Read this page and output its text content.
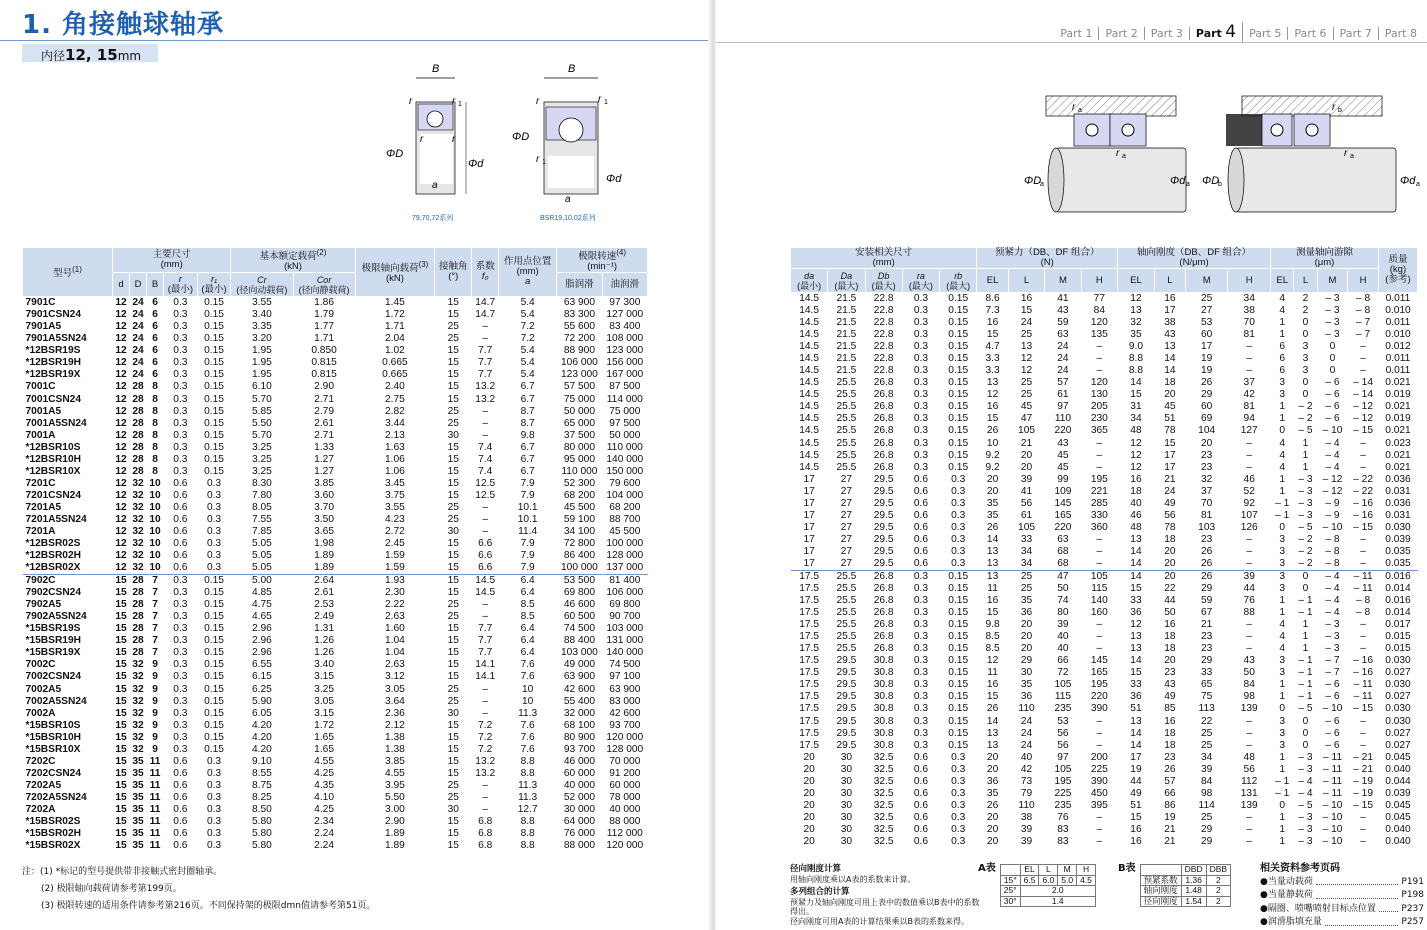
1. 角接触球轴承
内径12, 15mm
B
r	r 1
r	r
ΦD
Φd
a
79,70,72系列
B
r	r 1
r 1
ΦD
Φd
a
BSR19,10,02系列
型号$^{(1)}$	主要尺寸
(mm)					基本额定载荷$^{(2)}$
(kN)		极限轴向载荷$^{(3)}$
(kN)	接触角
(°)	系数
f₀	作用点位置
(mm)
a	极限转速$^{(4)}$
(min⁻¹)	
	d	D	B	r
(最小)	r₁
(最小)	Cr
(径向动载荷)	Cor
(径向静载荷)					脂润滑	油润滑
7901C	12	24	6	0.3	0.15	3.55	1.86	1.45	15	14.7	5.4	63 900	97 300
7901CSN24	12	24	6	0.3	0.15	3.40	1.79	1.72	15	14.7	5.4	83 300	127 000
7901A5	12	24	6	0.3	0.15	3.35	1.77	1.71	25	–	7.2	55 600	83 400
7901A5SN24	12	24	6	0.3	0.15	3.20	1.71	2.04	25	–	7.2	72 200	108 000
*12BSR19S	12	24	6	0.3	0.15	1.95	0.850	1.02	15	7.7	5.4	88 900	123 000
*12BSR19H	12	24	6	0.3	0.15	1.95	0.815	0.665	15	7.7	5.4	106 000	156 000
*12BSR19X	12	24	6	0.3	0.15	1.95	0.815	0.665	15	7.7	5.4	123 000	167 000
7001C	12	28	8	0.3	0.15	6.10	2.90	2.40	15	13.2	6.7	57 500	87 500
7001CSN24	12	28	8	0.3	0.15	5.70	2.71	2.75	15	13.2	6.7	75 000	114 000
7001A5	12	28	8	0.3	0.15	5.85	2.79	2.82	25	–	8.7	50 000	75 000
7001A5SN24	12	28	8	0.3	0.15	5.50	2.61	3.44	25	–	8.7	65 000	97 500
7001A	12	28	8	0.3	0.15	5.70	2.71	2.13	30	–	9.8	37 500	50 000
*12BSR10S	12	28	8	0.3	0.15	3.25	1.33	1.63	15	7.4	6.7	80 000	110 000
*12BSR10H	12	28	8	0.3	0.15	3.25	1.27	1.06	15	7.4	6.7	95 000	140 000
*12BSR10X	12	28	8	0.3	0.15	3.25	1.27	1.06	15	7.4	6.7	110 000	150 000
7201C	12	32	10	0.6	0.3	8.30	3.85	3.45	15	12.5	7.9	52 300	79 600
7201CSN24	12	32	10	0.6	0.3	7.80	3.60	3.75	15	12.5	7.9	68 200	104 000
7201A5	12	32	10	0.6	0.3	8.05	3.70	3.55	25	–	10.1	45 500	68 200
7201A5SN24	12	32	10	0.6	0.3	7.55	3.50	4.23	25	–	10.1	59 100	88 700
7201A	12	32	10	0.6	0.3	7.85	3.65	2.72	30	–	11.4	34 100	45 500
*12BSR02S	12	32	10	0.6	0.3	5.05	1.98	2.45	15	6.6	7.9	72 800	100 000
*12BSR02H	12	32	10	0.6	0.3	5.05	1.89	1.59	15	6.6	7.9	86 400	128 000
*12BSR02X	12	32	10	0.6	0.3	5.05	1.89	1.59	15	6.6	7.9	100 000	137 000
7902C	15	28	7	0.3	0.15	5.00	2.64	1.93	15	14.5	6.4	53 500	81 400
7902CSN24	15	28	7	0.3	0.15	4.85	2.61	2.30	15	14.5	6.4	69 800	106 000
7902A5	15	28	7	0.3	0.15	4.75	2.53	2.22	25	–	8.5	46 600	69 800
7902A5SN24	15	28	7	0.3	0.15	4.65	2.49	2.63	25	–	8.5	60 500	90 700
*15BSR19S	15	28	7	0.3	0.15	2.96	1.31	1.60	15	7.7	6.4	74 500	103 000
*15BSR19H	15	28	7	0.3	0.15	2.96	1.26	1.04	15	7.7	6.4	88 400	131 000
*15BSR19X	15	28	7	0.3	0.15	2.96	1.26	1.04	15	7.7	6.4	103 000	140 000
7002C	15	32	9	0.3	0.15	6.55	3.40	2.63	15	14.1	7.6	49 000	74 500
7002CSN24	15	32	9	0.3	0.15	6.15	3.15	3.12	15	14.1	7.6	63 900	97 100
7002A5	15	32	9	0.3	0.15	6.25	3.25	3.05	25	–	10	42 600	63 900
7002A5SN24	15	32	9	0.3	0.15	5.90	3.05	3.64	25	–	10	55 400	83 000
7002A	15	32	9	0.3	0.15	6.05	3.15	2.36	30	–	11.3	32 000	42 600
*15BSR10S	15	32	9	0.3	0.15	4.20	1.72	2.12	15	7.2	7.6	68 100	93 700
*15BSR10H	15	32	9	0.3	0.15	4.20	1.65	1.38	15	7.2	7.6	80 900	120 000
*15BSR10X	15	32	9	0.3	0.15	4.20	1.65	1.38	15	7.2	7.6	93 700	128 000
7202C	15	35	11	0.6	0.3	9.10	4.55	3.85	15	13.2	8.8	46 000	70 000
7202CSN24	15	35	11	0.6	0.3	8.55	4.25	4.55	15	13.2	8.8	60 000	91 200
7202A5	15	35	11	0.6	0.3	8.75	4.35	3.95	25	–	11.3	40 000	60 000
7202A5SN24	15	35	11	0.6	0.3	8.25	4.10	5.50	25	–	11.3	52 000	78 000
7202A	15	35	11	0.6	0.3	8.50	4.25	3.00	30	–	12.7	30 000	40 000
*15BSR02S	15	35	11	0.6	0.3	5.80	2.34	2.90	15	6.8	8.8	64 000	88 000
*15BSR02H	15	35	11	0.6	0.3	5.80	2.24	1.89	15	6.8	8.8	76 000	112 000
*15BSR02X	15	35	11	0.6	0.3	5.80	2.24	1.89	15	6.8	8.8	88 000	120 000
注：(1) *标记的型号提供带非接触式密封圈轴承。
(2) 极限轴向载荷请参考第199页。
(3) 极限转速的适用条件请参考第216页。不同保持架的极限dmn值请参考第51页。
Part 1	Part 2	Part 3	Part 4	Part 5	Part 6	Part 7	Part 8
r a
r a
ΦD
a	Φd a
r b
r a
ΦD
b	Φd a
安装相关尺寸
(mm)					预紧力（DB、DF 组合）
(N)				轴向刚度（DB、DF 组合）
(N/μm)				测量轴向游隙
(μm)				质量
(kg)
(参考)
da
(最小)	Da
(最大)	Db
(最大)	ra
(最大)	rb
(最大)	EL	L	M	H	EL	L	M	H	EL	L	M	H	
14.5	21.5	22.8	0.3	0.15	8.6	16	41	77	12	16	25	34	4	2	– 3	– 8	0.011
14.5	21.5	22.8	0.3	0.15	7.3	15	43	84	13	17	27	38	4	2	– 3	– 8	0.010
14.5	21.5	22.8	0.3	0.15	16	24	59	120	32	38	53	70	1	0	– 3	– 7	0.011
14.5	21.5	22.8	0.3	0.15	15	25	63	135	35	43	60	81	1	0	– 3	– 7	0.010
14.5	21.5	22.8	0.3	0.15	4.7	13	24	–	9.0	13	17	–	6	3	0	–	0.012
14.5	21.5	22.8	0.3	0.15	3.3	12	24	–	8.8	14	19	–	6	3	0	–	0.011
14.5	21.5	22.8	0.3	0.15	3.3	12	24	–	8.8	14	19	–	6	3	0	–	0.011
14.5	25.5	26.8	0.3	0.15	13	25	57	120	14	18	26	37	3	0	– 6	– 14	0.021
14.5	25.5	26.8	0.3	0.15	12	25	61	130	15	20	29	42	3	0	– 6	– 14	0.019
14.5	25.5	26.8	0.3	0.15	16	45	97	205	31	45	60	81	1	– 2	– 6	– 12	0.021
14.5	25.5	26.8	0.3	0.15	15	47	110	230	34	51	69	94	1	– 2	– 6	– 12	0.019
14.5	25.5	26.8	0.3	0.15	26	105	220	365	48	78	104	127	0	– 5	– 10	– 15	0.021
14.5	25.5	26.8	0.3	0.15	10	21	43	–	12	15	20	–	4	1	– 4	–	0.023
14.5	25.5	26.8	0.3	0.15	9.2	20	45	–	12	17	23	–	4	1	– 4	–	0.021
14.5	25.5	26.8	0.3	0.15	9.2	20	45	–	12	17	23	–	4	1	– 4	–	0.021
17	27	29.5	0.6	0.3	20	39	99	195	16	21	32	46	1	– 3	– 12	– 22	0.036
17	27	29.5	0.6	0.3	20	41	109	221	18	24	37	52	1	– 3	– 12	– 22	0.031
17	27	29.5	0.6	0.3	35	56	145	285	40	49	70	92	– 1	– 3	– 9	– 16	0.036
17	27	29.5	0.6	0.3	35	61	165	330	46	56	81	107	– 1	– 3	– 9	– 16	0.031
17	27	29.5	0.6	0.3	26	105	220	360	48	78	103	126	0	– 5	– 10	– 15	0.030
17	27	29.5	0.6	0.3	14	33	63	–	13	18	23	–	3	– 2	– 8	–	0.039
17	27	29.5	0.6	0.3	13	34	68	–	14	20	26	–	3	– 2	– 8	–	0.035
17	27	29.5	0.6	0.3	13	34	68	–	14	20	26	–	3	– 2	– 8	–	0.035
17.5	25.5	26.8	0.3	0.15	13	25	47	105	14	20	26	39	3	0	– 4	– 11	0.016
17.5	25.5	26.8	0.3	0.15	11	25	50	115	15	22	29	44	3	0	– 4	– 11	0.014
17.5	25.5	26.8	0.3	0.15	16	35	74	140	33	44	59	76	1	– 1	– 4	– 8	0.016
17.5	25.5	26.8	0.3	0.15	15	36	80	160	36	50	67	88	1	– 1	– 4	– 8	0.014
17.5	25.5	26.8	0.3	0.15	9.8	20	39	–	12	16	21	–	4	1	– 3	–	0.017
17.5	25.5	26.8	0.3	0.15	8.5	20	40	–	13	18	23	–	4	1	– 3	–	0.015
17.5	25.5	26.8	0.3	0.15	8.5	20	40	–	13	18	23	–	4	1	– 3	–	0.015
17.5	29.5	30.8	0.3	0.15	12	29	66	145	14	20	29	43	3	– 1	– 7	– 16	0.030
17.5	29.5	30.8	0.3	0.15	11	30	72	165	15	23	33	50	3	– 1	– 7	– 16	0.027
17.5	29.5	30.8	0.3	0.15	16	35	105	195	33	43	65	84	1	– 1	– 6	– 11	0.030
17.5	29.5	30.8	0.3	0.15	15	36	115	220	36	49	75	98	1	– 1	– 6	– 11	0.027
17.5	29.5	30.8	0.3	0.15	26	110	235	390	51	85	113	139	0	– 5	– 10	– 15	0.030
17.5	29.5	30.8	0.3	0.15	14	24	53	–	13	16	22	–	3	0	– 6	–	0.030
17.5	29.5	30.8	0.3	0.15	13	24	56	–	14	18	25	–	3	0	– 6	–	0.027
17.5	29.5	30.8	0.3	0.15	13	24	56	–	14	18	25	–	3	0	– 6	–	0.027
20	30	32.5	0.6	0.3	20	40	97	200	17	23	34	48	1	– 3	– 11	– 21	0.045
20	30	32.5	0.6	0.3	20	42	105	225	19	26	39	56	1	– 3	– 11	– 21	0.040
20	30	32.5	0.6	0.3	36	73	195	390	44	57	84	112	– 1	– 4	– 11	– 19	0.044
20	30	32.5	0.6	0.3	35	79	225	450	49	66	98	131	– 1	– 4	– 11	– 19	0.039
20	30	32.5	0.6	0.3	26	110	235	395	51	86	114	139	0	– 5	– 10	– 15	0.045
20	30	32.5	0.6	0.3	20	38	76	–	15	19	25	–	1	– 3	– 10	–	0.045
20	30	32.5	0.6	0.3	20	39	83	–	16	21	29	–	1	– 3	– 10	–	0.040
20	30	32.5	0.6	0.3	20	39	83	–	16	21	29	–	1	– 3	– 10	–	0.040
径向刚度计算
用轴向刚度乘以A表的系数来计算。
多列组合的计算
预紧力及轴向刚度可用上表中的数值乘以B表中的系数得出。
径向刚度可用A表的计算结果乘以B表的系数来得。
A表
		EL	L	M	H
15°	6.5	6.0	5.0	4.5
25°	2.0			
30°	1.4			
B表
		DBD	DBB
预紧系数	1.36	2
轴向刚度	1.48	2
径向刚度	1.54	2
相关资料参考页码
●当量动载荷	P191
●当量静载荷	P198
●隔圈、喷嘴喷射目标点位置	P237
●润滑脂填充量	P257
